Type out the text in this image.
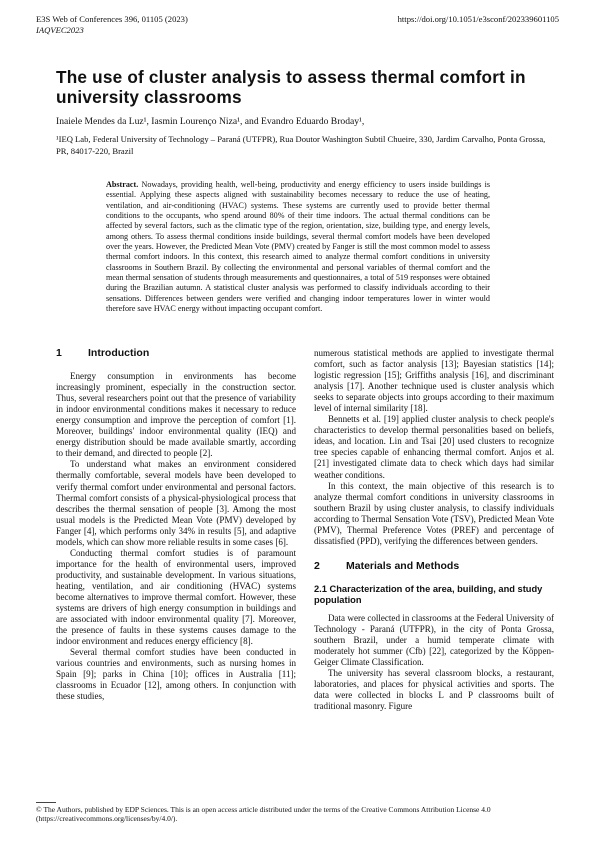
E3S Web of Conferences 396, 01105 (2023)
IAQVEC2023
https://doi.org/10.1051/e3sconf/202339601105
The use of cluster analysis to assess thermal comfort in university classrooms
Inaiele Mendes da Luz¹, Iasmin Lourenço Niza¹, and Evandro Eduardo Broday¹,
¹IEQ Lab, Federal University of Technology – Paraná (UTFPR), Rua Doutor Washington Subtil Chueire, 330, Jardim Carvalho, Ponta Grossa, PR, 84017-220, Brazil
Abstract. Nowadays, providing health, well-being, productivity and energy efficiency to users inside buildings is essential. Applying these aspects aligned with sustainability becomes necessary to reduce the use of heating, ventilation, and air-conditioning (HVAC) systems. These systems are currently used to provide better thermal conditions to the occupants, who spend around 80% of their time indoors. The actual thermal conditions can be affected by several factors, such as the climatic type of the region, orientation, size, building type, and energy levels, among others. To assess thermal conditions inside buildings, several thermal comfort models have been developed over the years. However, the Predicted Mean Vote (PMV) created by Fanger is still the most common model to assess thermal comfort indoors. In this context, this research aimed to analyze thermal comfort conditions in university classrooms in Southern Brazil. By collecting the environmental and personal variables of thermal comfort and the mean thermal sensation of students through measurements and questionnaires, a total of 519 responses were obtained during the Brazilian autumn. A statistical cluster analysis was performed to classify individuals according to their sensations. Differences between genders were verified and changing indoor temperatures lower in winter would therefore save HVAC energy without impacting occupant comfort.
1	Introduction

Energy consumption in environments has become increasingly prominent, especially in the construction sector. Thus, several researchers point out that the presence of variability in indoor environmental conditions makes it necessary to reduce energy consumption and improve the perception of comfort [1]. Moreover, buildings' indoor environmental quality (IEQ) and energy distribution should be made available smartly, according to their demand, and directed to people [2].

To understand what makes an environment considered thermally comfortable, several models have been developed to verify thermal comfort under environmental and personal factors. Thermal comfort consists of a physical-physiological process that describes the thermal sensation of people [3]. Among the most usual models is the Predicted Mean Vote (PMV) developed by Fanger [4], which performs only 34% in results [5], and adaptive models, which can show more reliable results in some cases [6].

Conducting thermal comfort studies is of paramount importance for the health of environmental users, improved productivity, and sustainable development. In various situations, heating, ventilation, and air conditioning (HVAC) systems become alternatives to improve thermal comfort. However, these systems are drivers of high energy consumption in buildings and are associated with indoor environmental quality [7]. Moreover, the presence of faults in these systems causes damage to the indoor environment and reduces energy efficiency [8].

Several thermal comfort studies have been conducted in various countries and environments, such as nursing homes in Spain [9]; parks in China [10]; offices in Australia [11]; classrooms in Ecuador [12], among others. In conjunction with these studies,

numerous statistical methods are applied to investigate thermal comfort, such as factor analysis [13]; Bayesian statistics [14]; logistic regression [15]; Griffiths analysis [16], and discriminant analysis [17]. Another technique used is cluster analysis which seeks to separate objects into groups according to their maximum level of internal similarity [18].

Bennetts et al. [19] applied cluster analysis to check people's characteristics to develop thermal personalities based on beliefs, ideas, and location. Lin and Tsai [20] used clusters to recognize tree species capable of enhancing thermal comfort. Anjos et al. [21] investigated climate data to check which days had similar weather conditions.

In this context, the main objective of this research is to analyze thermal comfort conditions in university classrooms in southern Brazil by using cluster analysis, to classify individuals according to Thermal Sensation Vote (TSV), Predicted Mean Vote (PMV), Thermal Preference Votes (PREF) and percentage of dissatisfied (PPD), verifying the differences between genders.

2	Materials and Methods
2.1 Characterization of the area, building, and study population

Data were collected in classrooms at the Federal University of Technology - Paraná (UTFPR), in the city of Ponta Grossa, southern Brazil, under a humid temperate climate with moderately hot summer (Cfb) [22], categorized by the Köppen-Geiger Climate Classification.

The university has several classroom blocks, a restaurant, laboratories, and places for physical activities and sports. The data were collected in blocks L and P classrooms built of traditional masonry. Figure

© The Authors, published by EDP Sciences. This is an open access article distributed under the terms of the Creative Commons Attribution License 4.0 (https://creativecommons.org/licenses/by/4.0/).
